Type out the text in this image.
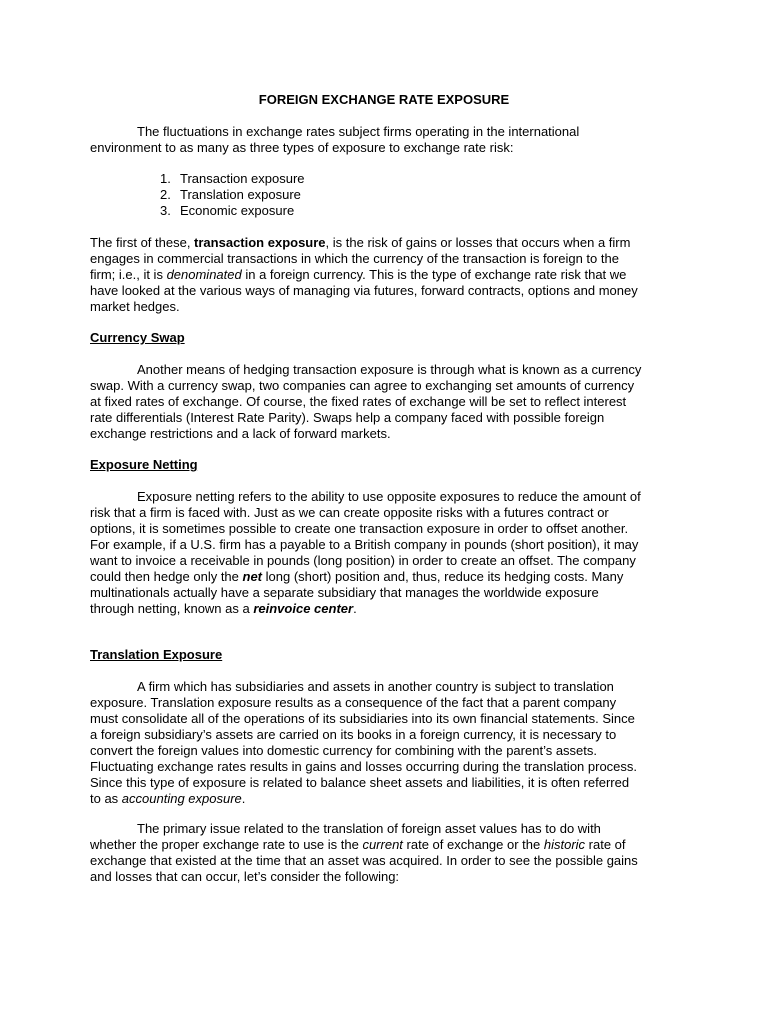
FOREIGN EXCHANGE RATE EXPOSURE

The fluctuations in exchange rates subject firms operating in the international
environment to as many as three types of exposure to exchange rate risk:

1. Transaction exposure
2. Translation exposure
3. Economic exposure

The first of these, transaction exposure, is the risk of gains or losses that occurs when a firm
engages in commercial transactions in which the currency of the transaction is foreign to the
firm; i.e., it is denominated in a foreign currency. This is the type of exchange rate risk that we
have looked at the various ways of managing via futures, forward contracts, options and money
market hedges.

Currency Swap

Another means of hedging transaction exposure is through what is known as a currency
swap. With a currency swap, two companies can agree to exchanging set amounts of currency
at fixed rates of exchange. Of course, the fixed rates of exchange will be set to reflect interest
rate differentials (Interest Rate Parity). Swaps help a company faced with possible foreign
exchange restrictions and a lack of forward markets.

Exposure Netting

Exposure netting refers to the ability to use opposite exposures to reduce the amount of
risk that a firm is faced with. Just as we can create opposite risks with a futures contract or
options, it is sometimes possible to create one transaction exposure in order to offset another.
For example, if a U.S. firm has a payable to a British company in pounds (short position), it may
want to invoice a receivable in pounds (long position) in order to create an offset. The company
could then hedge only the net long (short) position and, thus, reduce its hedging costs. Many
multinationals actually have a separate subsidiary that manages the worldwide exposure
through netting, known as a reinvoice center.

Translation Exposure

A firm which has subsidiaries and assets in another country is subject to translation
exposure. Translation exposure results as a consequence of the fact that a parent company
must consolidate all of the operations of its subsidiaries into its own financial statements. Since
a foreign subsidiary’s assets are carried on its books in a foreign currency, it is necessary to
convert the foreign values into domestic currency for combining with the parent’s assets.
Fluctuating exchange rates results in gains and losses occurring during the translation process.
Since this type of exposure is related to balance sheet assets and liabilities, it is often referred
to as accounting exposure.

The primary issue related to the translation of foreign asset values has to do with
whether the proper exchange rate to use is the current rate of exchange or the historic rate of
exchange that existed at the time that an asset was acquired. In order to see the possible gains
and losses that can occur, let’s consider the following:
